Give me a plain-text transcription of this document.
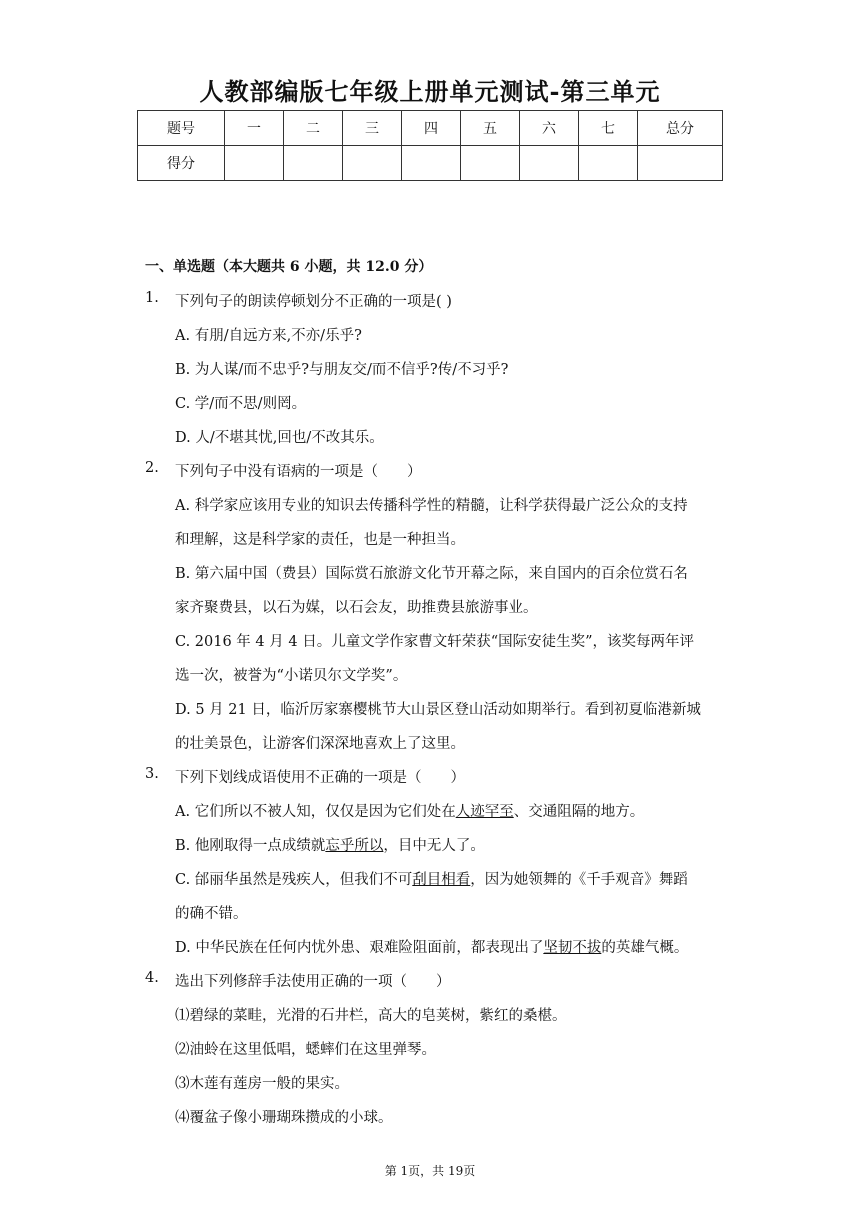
人教部编版七年级上册单元测试-第三单元
题号	一	二	三	四	五	六	七	总分
得分								
一、单选题（本大题共 6 小题，共 12.0 分）
1. 下列句子的朗读停顿划分不正确的一项是( )
A. 有朋/自远方来,不亦/乐乎?
B. 为人谋/而不忠乎?与朋友交/而不信乎?传/不习乎?
C. 学/而不思/则罔。
D. 人/不堪其忧,回也/不改其乐。
2. 下列句子中没有语病的一项是（　　）
A. 科学家应该用专业的知识去传播科学性的精髓，让科学获得最广泛公众的支持
和理解，这是科学家的责任，也是一种担当。
B. 第六届中国（费县）国际赏石旅游文化节开幕之际，来自国内的百余位赏石名
家齐聚费县，以石为媒，以石会友，助推费县旅游事业。
C. 2016 年 4 月 4 日。儿童文学作家曹文轩荣获“国际安徒生奖”，该奖每两年评
选一次，被誉为“小诺贝尔文学奖”。
D. 5 月 21 日，临沂厉家寨樱桃节大山景区登山活动如期举行。看到初夏临港新城
的壮美景色，让游客们深深地喜欢上了这里。
3. 下列下划线成语使用不正确的一项是（　　）
A. 它们所以不被人知，仅仅是因为它们处在人迹罕至、交通阻隔的地方。
B. 他刚取得一点成绩就忘乎所以，目中无人了。
C. 邰丽华虽然是残疾人，但我们不可刮目相看，因为她领舞的《千手观音》舞蹈
的确不错。
D. 中华民族在任何内忧外患、艰难险阻面前，都表现出了坚韧不拔的英雄气概。
4. 选出下列修辞手法使用正确的一项（　　）
⑴碧绿的菜畦，光滑的石井栏，高大的皂荚树，紫红的桑椹。
⑵油蛉在这里低唱，蟋蟀们在这里弹琴。
⑶木莲有莲房一般的果实。
⑷覆盆子像小珊瑚珠攒成的小球。
第 1页，共 19页
